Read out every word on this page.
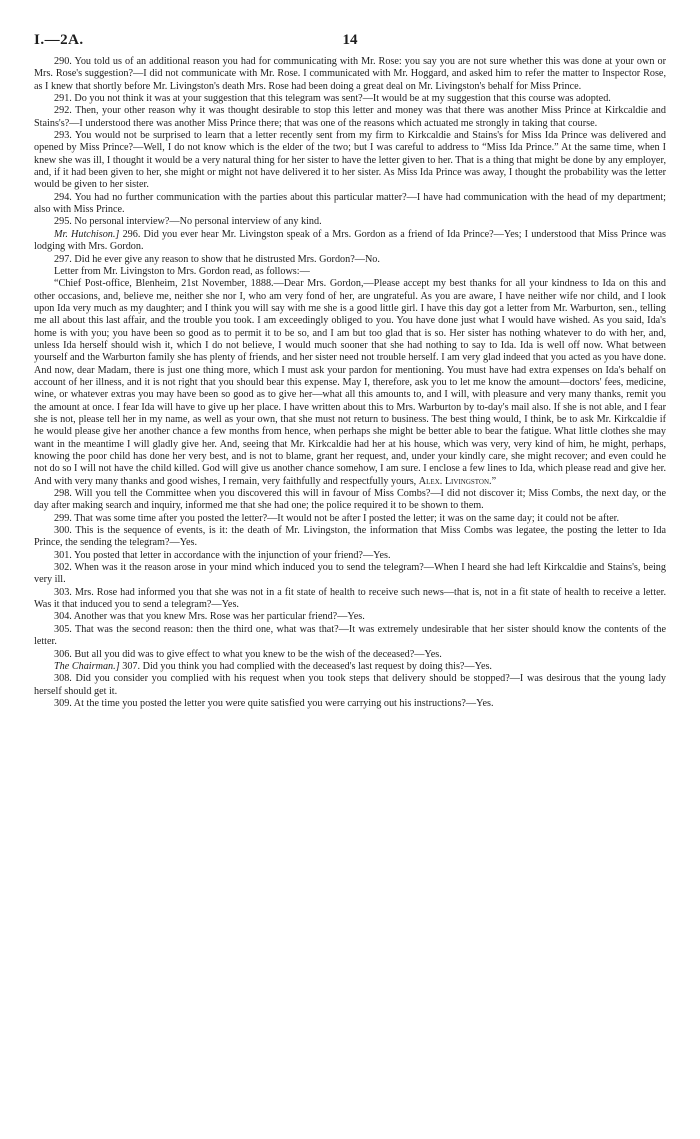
I.—2A.	14

290. You told us of an additional reason you had for communicating with Mr. Rose: you say you are not sure whether this was done at your own or Mrs. Rose's suggestion?—I did not communicate with Mr. Rose. I communicated with Mr. Hoggard, and asked him to refer the matter to Inspector Rose, as I knew that shortly before Mr. Livingston's death Mrs. Rose had been doing a great deal on Mr. Livingston's behalf for Miss Prince.

291. Do you not think it was at your suggestion that this telegram was sent?—It would be at my suggestion that this course was adopted.

292. Then, your other reason why it was thought desirable to stop this letter and money was that there was another Miss Prince at Kirkcaldie and Stains's?—I understood there was another Miss Prince there; that was one of the reasons which actuated me strongly in taking that course.

293. You would not be surprised to learn that a letter recently sent from my firm to Kirkcaldie and Stains's for Miss Ida Prince was delivered and opened by Miss Prince?—Well, I do not know which is the elder of the two; but I was careful to address to “Miss Ida Prince.” At the same time, when I knew she was ill, I thought it would be a very natural thing for her sister to have the letter given to her. That is a thing that might be done by any employer, and, if it had been given to her, she might or might not have delivered it to her sister. As Miss Ida Prince was away, I thought the probability was the letter would be given to her sister.

294. You had no further communication with the parties about this particular matter?—I have had communication with the head of my department; also with Miss Prince.

295. No personal interview?—No personal interview of any kind.

Mr. Hutchison.] 296. Did you ever hear Mr. Livingston speak of a Mrs. Gordon as a friend of Ida Prince?—Yes; I understood that Miss Prince was lodging with Mrs. Gordon.

297. Did he ever give any reason to show that he distrusted Mrs. Gordon?—No.

Letter from Mr. Livingston to Mrs. Gordon read, as follows:—

“Chief Post-office, Blenheim, 21st November, 1888.—Dear Mrs. Gordon,—Please accept my best thanks for all your kindness to Ida on this and other occasions, and, believe me, neither she nor I, who am very fond of her, are ungrateful. As you are aware, I have neither wife nor child, and I look upon Ida very much as my daughter; and I think you will say with me she is a good little girl. I have this day got a letter from Mr. Warburton, sen., telling me all about this last affair, and the trouble you took. I am exceedingly obliged to you. You have done just what I would have wished. As you said, Ida's home is with you; you have been so good as to permit it to be so, and I am but too glad that is so. Her sister has nothing whatever to do with her, and, unless Ida herself should wish it, which I do not believe, I would much sooner that she had nothing to say to Ida. Ida is well off now. What between yourself and the Warburton family she has plenty of friends, and her sister need not trouble herself. I am very glad indeed that you acted as you have done. And now, dear Madam, there is just one thing more, which I must ask your pardon for mentioning. You must have had extra expenses on Ida's behalf on account of her illness, and it is not right that you should bear this expense. May I, therefore, ask you to let me know the amount—doctors' fees, medicine, wine, or whatever extras you may have been so good as to give her—what all this amounts to, and I will, with pleasure and very many thanks, remit you the amount at once. I fear Ida will have to give up her place. I have written about this to Mrs. Warburton by to-day's mail also. If she is not able, and I fear she is not, please tell her in my name, as well as your own, that she must not return to business. The best thing would, I think, be to ask Mr. Kirkcaldie if he would please give her another chance a few months from hence, when perhaps she might be better able to bear the fatigue. What little clothes she may want in the meantime I will gladly give her. And, seeing that Mr. Kirkcaldie had her at his house, which was very, very kind of him, he might, perhaps, knowing the poor child has done her very best, and is not to blame, grant her request, and, under your kindly care, she might recover; and even could he not do so I will not have the child killed. God will give us another chance somehow, I am sure. I enclose a few lines to Ida, which please read and give her. And with very many thanks and good wishes, I remain, very faithfully and respectfully yours, Alex. Livingston.”

298. Will you tell the Committee when you discovered this will in favour of Miss Combs?—I did not discover it; Miss Combs, the next day, or the day after making search and inquiry, informed me that she had one; the police required it to be shown to them.

299. That was some time after you posted the letter?—It would not be after I posted the letter; it was on the same day; it could not be after.

300. This is the sequence of events, is it: the death of Mr. Livingston, the information that Miss Combs was legatee, the posting the letter to Ida Prince, the sending the telegram?—Yes.

301. You posted that letter in accordance with the injunction of your friend?—Yes.

302. When was it the reason arose in your mind which induced you to send the telegram?—When I heard she had left Kirkcaldie and Stains's, being very ill.

303. Mrs. Rose had informed you that she was not in a fit state of health to receive such news—that is, not in a fit state of health to receive a letter. Was it that induced you to send a telegram?—Yes.

304. Another was that you knew Mrs. Rose was her particular friend?—Yes.

305. That was the second reason: then the third one, what was that?—It was extremely undesirable that her sister should know the contents of the letter.

306. But all you did was to give effect to what you knew to be the wish of the deceased?—Yes.

The Chairman.] 307. Did you think you had complied with the deceased's last request by doing this?—Yes.

308. Did you consider you complied with his request when you took steps that delivery should be stopped?—I was desirous that the young lady herself should get it.

309. At the time you posted the letter you were quite satisfied you were carrying out his instructions?—Yes.
